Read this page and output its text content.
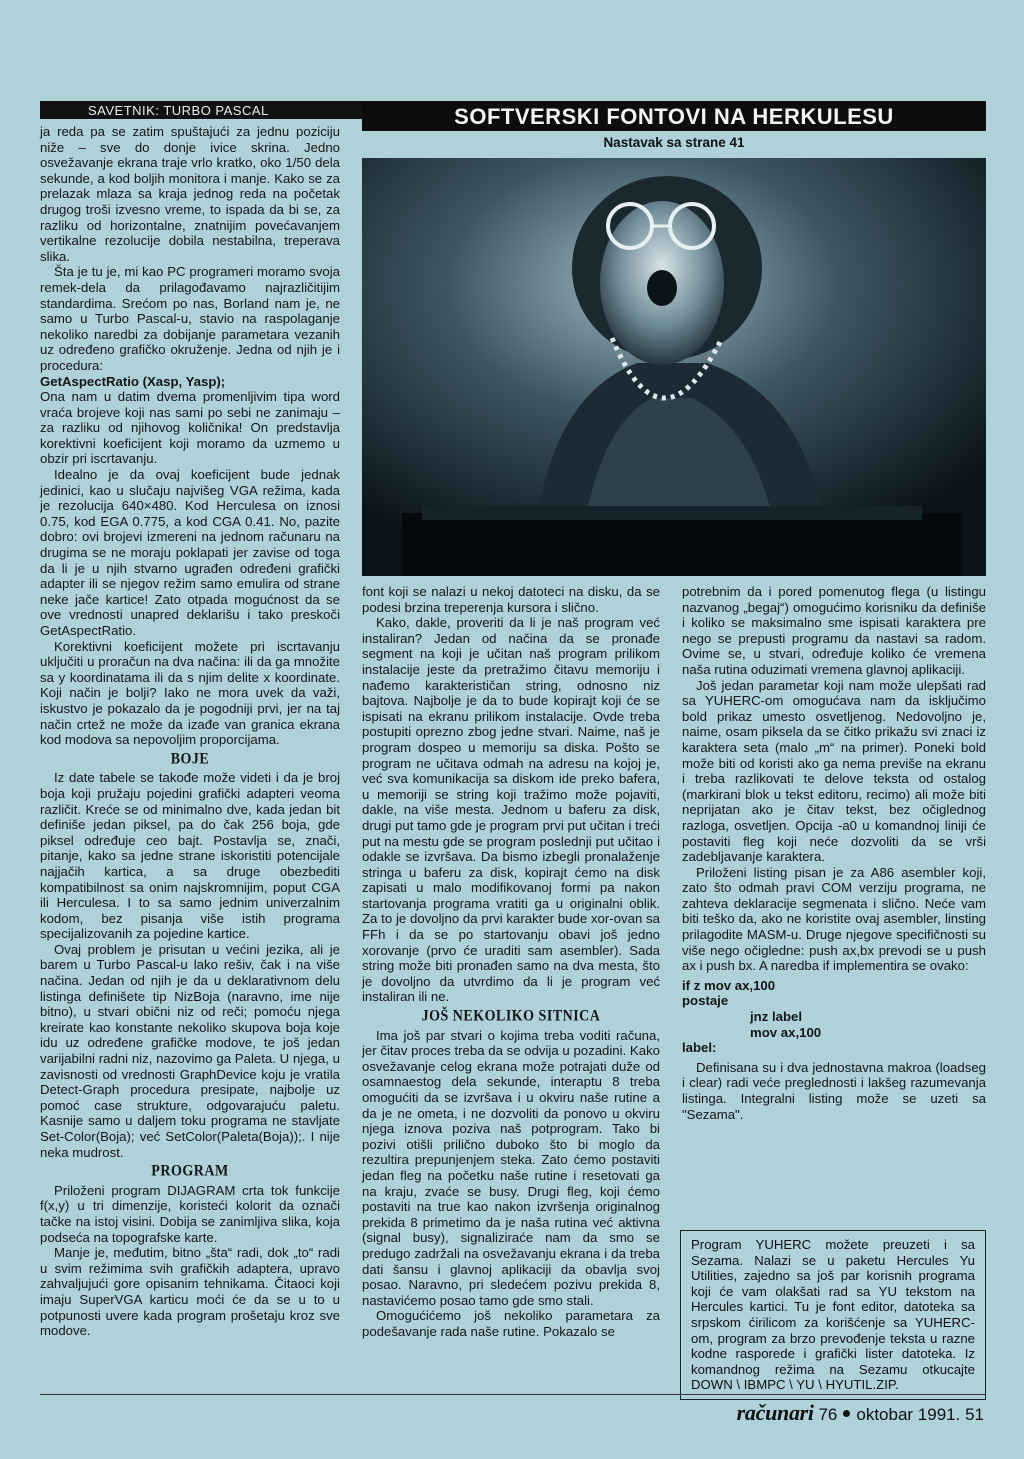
SAVETNIK: TURBO PASCAL	SOFTVERSKI FONTOVI NA HERKULESU
Nastavak sa strane 41

ja reda pa se zatim spuštajući za jednu poziciju niže – sve do donje ivice skrina. Jedno osvežavanje ekrana traje vrlo kratko, oko 1/50 dela sekunde, a kod boljih monitora i manje. Kako se za prelazak mlaza sa kraja jednog reda na početak drugog troši izvesno vreme, to ispada da bi se, za razliku od horizontalne, znatnijim povećavanjem vertikalne rezolucije dobila nestabilna, treperava slika.

Šta je tu je, mi kao PC programeri moramo svoja remek-dela da prilagođavamo najrazličitijim standardima. Srećom po nas, Borland nam je, ne samo u Turbo Pascal-u, stavio na raspolaganje nekoliko naredbi za dobijanje parametara vezanih uz određeno grafičko okruženje. Jedna od njih je i procedura:

GetAspectRatio (Xasp, Yasp);

Ona nam u datim dvema promenljivim tipa word vraća brojeve koji nas sami po sebi ne zanimaju – za razliku od njihovog količnika! On predstavlja korektivni koeficijent koji moramo da uzmemo u obzir pri iscrtavanju.

Idealno je da ovaj koeficijent bude jednak jedinici, kao u slučaju najvišeg VGA režima, kada je rezolucija 640×480. Kod Herculesa on iznosi 0.75, kod EGA 0.775, a kod CGA 0.41. No, pazite dobro: ovi brojevi izmereni na jednom računaru na drugima se ne moraju poklapati jer zavise od toga da li je u njih stvarno ugrađen određeni grafički adapter ili se njegov režim samo emulira od strane neke jače kartice! Zato otpada mogućnost da se ove vrednosti unapred deklarišu i tako preskoči GetAspectRatio.

Korektivni koeficijent možete pri iscrtavanju uključiti u proračun na dva načina: ili da ga množite sa y koordinatama ili da s njim delite x koordinate. Koji način je bolji? Iako ne mora uvek da važi, iskustvo je pokazalo da je pogodniji prvi, jer na taj način crtež ne može da izađe van granica ekrana kod modova sa nepovoljim proporcijama.

BOJE

Iz date tabele se takođe može videti i da je broj boja koji pružaju pojedini grafički adapteri veoma različit. Kreće se od minimalno dve, kada jedan bit definiše jedan piksel, pa do čak 256 boja, gde piksel određuje ceo bajt. Postavlja se, znači, pitanje, kako sa jedne strane iskoristiti potencijale najjačih kartica, a sa druge obezbediti kompatibilnost sa onim najskromnijim, poput CGA ili Herculesa. I to sa samo jednim univerzalnim kodom, bez pisanja više istih programa specijalizovanih za pojedine kartice.

Ovaj problem je prisutan u većini jezika, ali je barem u Turbo Pascal-u lako rešiv, čak i na više načina. Jedan od njih je da u deklarativnom delu listinga definišete tip NizBoja (naravno, ime nije bitno), u stvari obični niz od reči; pomoću njega kreirate kao konstante nekoliko skupova boja koje idu uz određene grafičke modove, te još jedan varijabilni radni niz, nazovimo ga Paleta. U njega, u zavisnosti od vrednosti GraphDevice koju je vratila Detect-Graph procedura presipate, najbolje uz pomoć case strukture, odgovarajuću paletu. Kasnije samo u daljem toku programa ne stavljate Set-Color(Boja); već SetColor(Paleta(Boja));. I nije neka mudrost.

PROGRAM

Priloženi program DIJAGRAM crta tok funkcije f(x,y) u tri dimenzije, koristeći kolorit da označi tačke na istoj visini. Dobija se zanimljiva slika, koja podseća na topografske karte.

Manje je, međutim, bitno „šta“ radi, dok „to“ radi u svim režimima svih grafičkih adaptera, upravo zahvaljujući gore opisanim tehnikama. Čitaoci koji imaju SuperVGA karticu moći će da se u to u potpunosti uvere kada program prošetaju kroz sve modove.

font koji se nalazi u nekoj datoteci na disku, da se podesi brzina treperenja kursora i slično.

Kako, dakle, proveriti da li je naš program već instaliran? Jedan od načina da se pronađe segment na koji je učitan naš program prilikom instalacije jeste da pretražimo čitavu memoriju i nađemo karakterističan string, odnosno niz bajtova. Najbolje je da to bude kopirajt koji će se ispisati na ekranu prilikom instalacije. Ovde treba postupiti oprezno zbog jedne stvari. Naime, naš je program dospeo u memoriju sa diska. Pošto se program ne učitava odmah na adresu na kojoj je, već sva komunikacija sa diskom ide preko bafera, u memoriji se string koji tražimo može pojaviti, dakle, na više mesta. Jednom u baferu za disk, drugi put tamo gde je program prvi put učitan i treći put na mestu gde se program poslednji put učitao i odakle se izvršava. Da bismo izbegli pronalaženje stringa u baferu za disk, kopirajt ćemo na disk zapisati u malo modifikovanoj formi pa nakon startovanja programa vratiti ga u originalni oblik. Za to je dovoljno da prvi karakter bude xor-ovan sa FFh i da se po startovanju obavi još jedno xorovanje (prvo će uraditi sam asembler). Sada string može biti pronađen samo na dva mesta, što je dovoljno da utvrdimo da li je program već instaliran ili ne.

JOŠ NEKOLIKO SITNICA

Ima još par stvari o kojima treba voditi računa, jer čitav proces treba da se odvija u pozadini. Kako osvežavanje celog ekrana može potrajati duže od osamnaestog dela sekunde, interaptu 8 treba omogućiti da se izvršava i u okviru naše rutine a da je ne ometa, i ne dozvoliti da ponovo u okviru njega iznova poziva naš potprogram. Tako bi pozivi otišli prilično duboko što bi moglo da rezultira prepunjenjem steka. Zato ćemo postaviti jedan fleg na početku naše rutine i resetovati ga na kraju, zvaće se busy. Drugi fleg, koji ćemo postaviti na true kao nakon izvršenja originalnog prekida 8 primetimo da je naša rutina već aktivna (signal busy), signaliziraće nam da smo se predugo zadržali na osvežavanju ekrana i da treba dati šansu i glavnoj aplikaciji da obavlja svoj posao. Naravno, pri sledećem pozivu prekida 8, nastavićemo posao tamo gde smo stali.

Omogućićemo još nekoliko parametara za podešavanje rada naše rutine. Pokazalo se

potrebnim da i pored pomenutog flega (u listingu nazvanog „begaj“) omogućimo korisniku da definiše i koliko se maksimalno sme ispisati karaktera pre nego se prepusti programu da nastavi sa radom. Ovime se, u stvari, određuje koliko će vremena naša rutina oduzimati vremena glavnoj aplikaciji.

Još jedan parametar koji nam može ulepšati rad sa YUHERC-om omogućava nam da isključimo bold prikaz umesto osvetljenog. Nedovoljno je, naime, osam piksela da se čitko prikažu svi znaci iz karaktera seta (malo „m“ na primer). Poneki bold može biti od koristi ako ga nema previše na ekranu i treba razlikovati te delove teksta od ostalog (markirani blok u tekst editoru, recimo) ali može biti neprijatan ako je čitav tekst, bez očiglednog razloga, osvetljen. Opcija -a0 u komandnoj liniji će postaviti fleg koji neće dozvoliti da se vrši zadebljavanje karaktera.

Priloženi listing pisan je za A86 asembler koji, zato što odmah pravi COM verziju programa, ne zahteva deklaracije segmenata i slično. Neće vam biti teško da, ako ne koristite ovaj asembler, linsting prilagodite MASM-u. Druge njegove specifičnosti su više nego očigledne: push ax,bx prevodi se u push ax i push bx. A naredba if implementira se ovako:

if z mov ax,100
postaje
jnz label
mov ax,100
label:

Definisana su i dva jednostavna makroa (loadseg i clear) radi veće preglednosti i lakšeg razumevanja listinga. Integralni listing može se uzeti sa "Sezama".

Program YUHERC možete preuzeti i sa Sezama. Nalazi se u paketu Hercules Yu Utilities, zajedno sa još par korisnih programa koji će vam olakšati rad sa YU tekstom na Hercules kartici. Tu je font editor, datoteka sa srpskom ćirilicom za korišćenje sa YUHERC-om, program za brzo prevođenje teksta u razne kodne rasporede i grafički lister datoteka. Iz komandnog režima na Sezamu otkucajte DOWN \ IBMPC \ YU \ HYUTIL.ZIP.
računari 76 oktobar 1991. 51
